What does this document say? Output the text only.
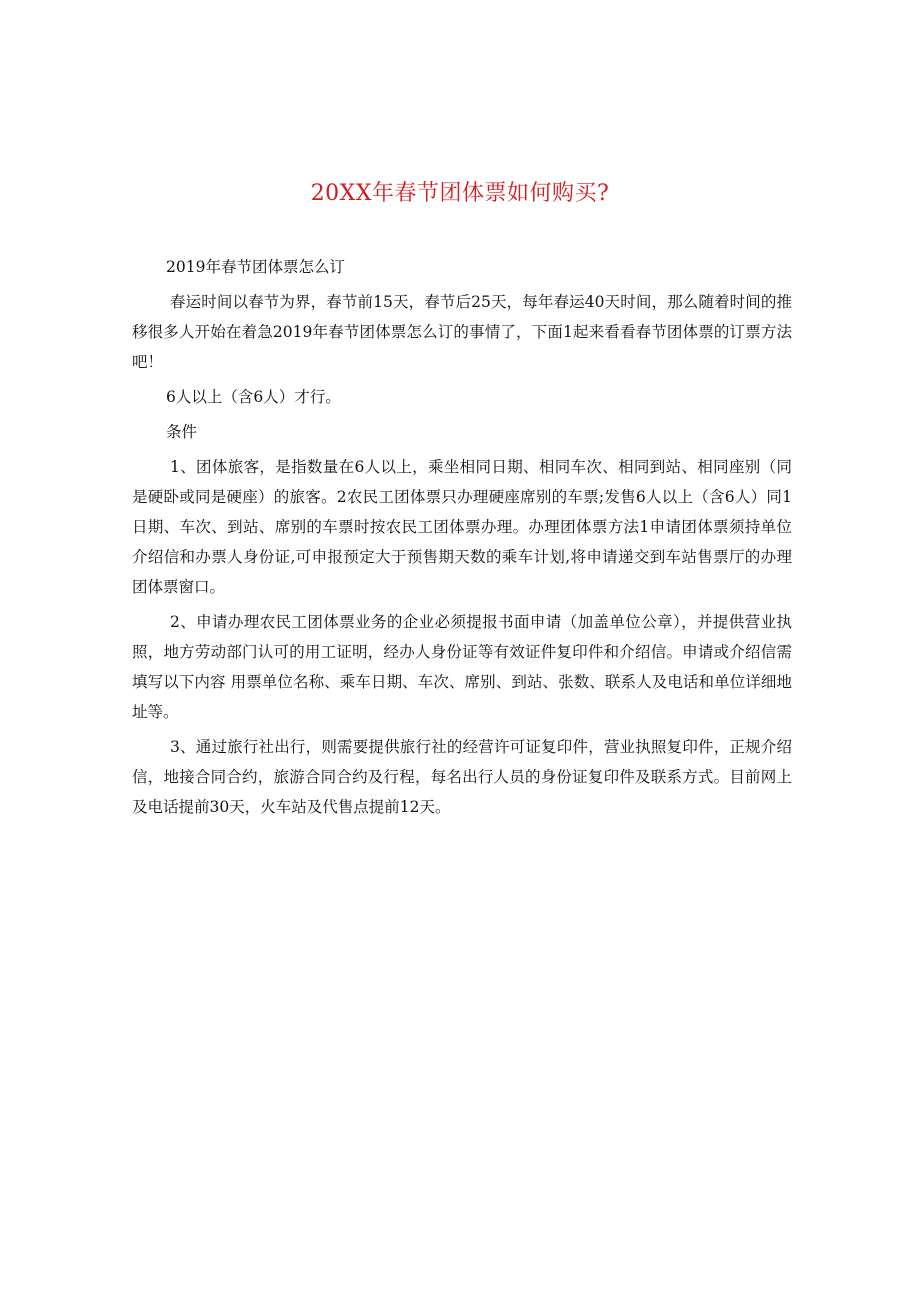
20XX年春节团体票如何购买?

2019年春节团体票怎么订

春运时间以春节为界，春节前15天，春节后25天，每年春运40天时间，那么随着时间的推移很多人开始在着急2019年春节团体票怎么订的事情了，下面1起来看看春节团体票的订票方法吧！

6人以上（含6人）才行。

条件

1、团体旅客，是指数量在6人以上，乘坐相同日期、相同车次、相同到站、相同座别（同是硬卧或同是硬座）的旅客。2农民工团体票只办理硬座席别的车票;发售6人以上（含6人）同1日期、车次、到站、席别的车票时按农民工团体票办理。办理团体票方法1申请团体票须持单位介绍信和办票人身份证,可申报预定大于预售期天数的乘车计划,将申请递交到车站售票厅的办理团体票窗口。

2、申请办理农民工团体票业务的企业必须提报书面申请（加盖单位公章），并提供营业执照，地方劳动部门认可的用工证明，经办人身份证等有效证件复印件和介绍信。申请或介绍信需填写以下内容 用票单位名称、乘车日期、车次、席别、到站、张数、联系人及电话和单位详细地址等。

3、通过旅行社出行，则需要提供旅行社的经营许可证复印件，营业执照复印件，正规介绍信，地接合同合约，旅游合同合约及行程，每名出行人员的身份证复印件及联系方式。目前网上及电话提前30天，火车站及代售点提前12天。
